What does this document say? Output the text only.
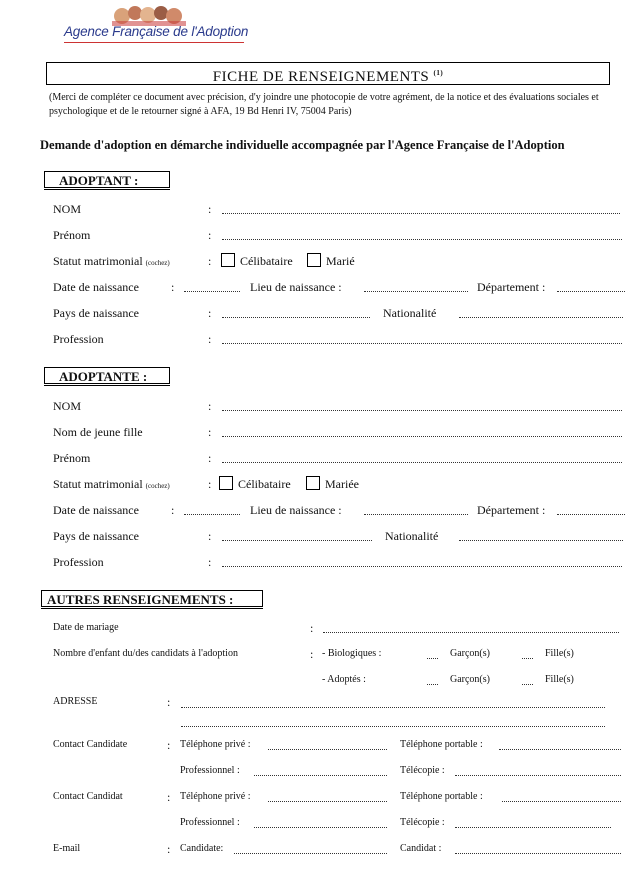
Agence Française de l'Adoption
FICHE DE RENSEIGNEMENTS $^{(1)}$
(Merci de compléter ce document avec précision, d'y joindre une photocopie de votre agrément, de la notice et des évaluations sociales et psychologique et de le retourner signé à AFA, 19 Bd Henri IV, 75004 Paris)
Demande d'adoption en démarche individuelle accompagnée par l'Agence Française de l'Adoption
ADOPTANT :
NOM	:
Prénom	:
Statut matrimonial (cochez)	: Célibataire	Marié
Date de naissance	:	Lieu de naissance :	Département :
Pays de naissance	:	Nationalité
Profession	:
ADOPTANTE :
NOM	:
Nom de jeune fille	:
Prénom	:
Statut matrimonial (cochez)	: Célibataire	Mariée
Date de naissance	:	Lieu de naissance :	Département :
Pays de naissance	:	Nationalité
Profession	:
AUTRES RENSEIGNEMENTS :
Date de mariage	:
Nombre d'enfant du/des candidats à l'adoption	: - Biologiques :	Garçon(s)	Fille(s)
- Adoptés :	Garçon(s)	Fille(s)
ADRESSE	:
Contact Candidate	: Téléphone privé :	Téléphone portable :
Professionnel :	Télécopie :
Contact Candidat	: Téléphone privé :	Téléphone portable :
Professionnel :	Télécopie :
E-mail	: Candidate:	Candidat :
